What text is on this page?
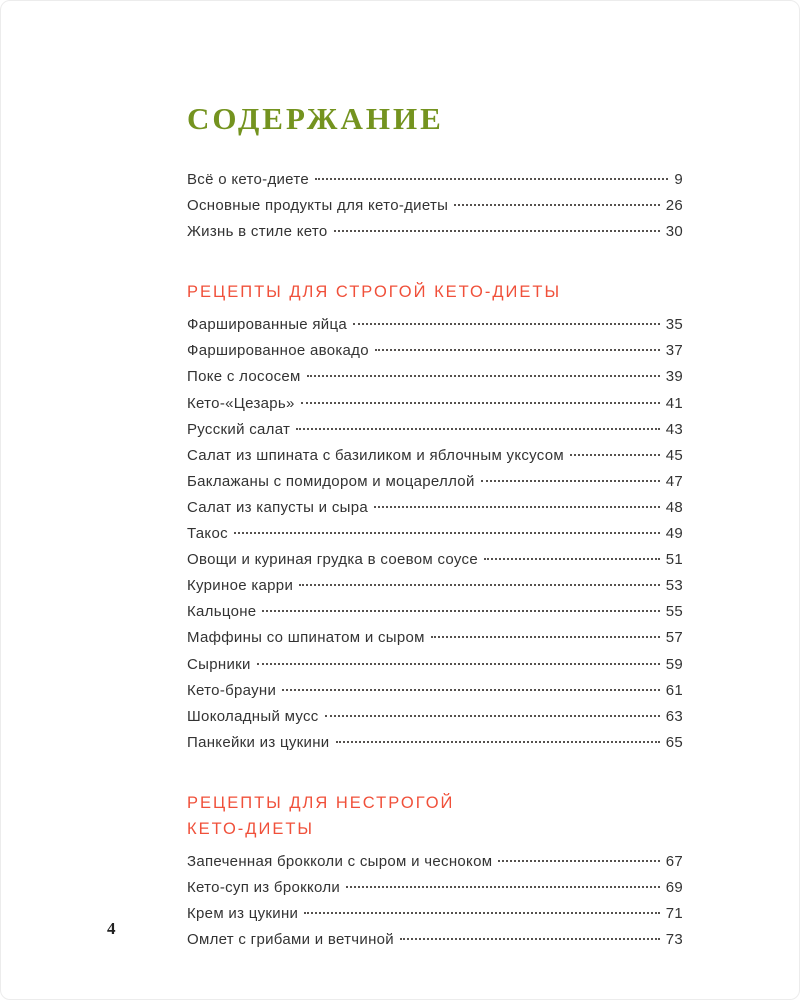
СОДЕРЖАНИЕ
Всё о кето-диете	9
Основные продукты для кето-диеты	26
Жизнь в стиле кето	30
РЕЦЕПТЫ ДЛЯ СТРОГОЙ КЕТО-ДИЕТЫ
Фаршированные яйца	35
Фаршированное авокадо	37
Поке с лососем	39
Кето-«Цезарь»	41
Русский салат	43
Салат из шпината с базиликом и яблочным уксусом	45
Баклажаны с помидором и моцареллой	47
Салат из капусты и сыра	48
Такос	49
Овощи и куриная грудка в соевом соусе	51
Куриное карри	53
Кальцоне	55
Маффины со шпинатом и сыром	57
Сырники	59
Кето-брауни	61
Шоколадный мусс	63
Панкейки из цукини	65
РЕЦЕПТЫ ДЛЯ НЕСТРОГОЙ
КЕТО-ДИЕТЫ
Запеченная брокколи с сыром и чесноком	67
Кето-суп из брокколи	69
Крем из цукини	71
Омлет с грибами и ветчиной	73
4
